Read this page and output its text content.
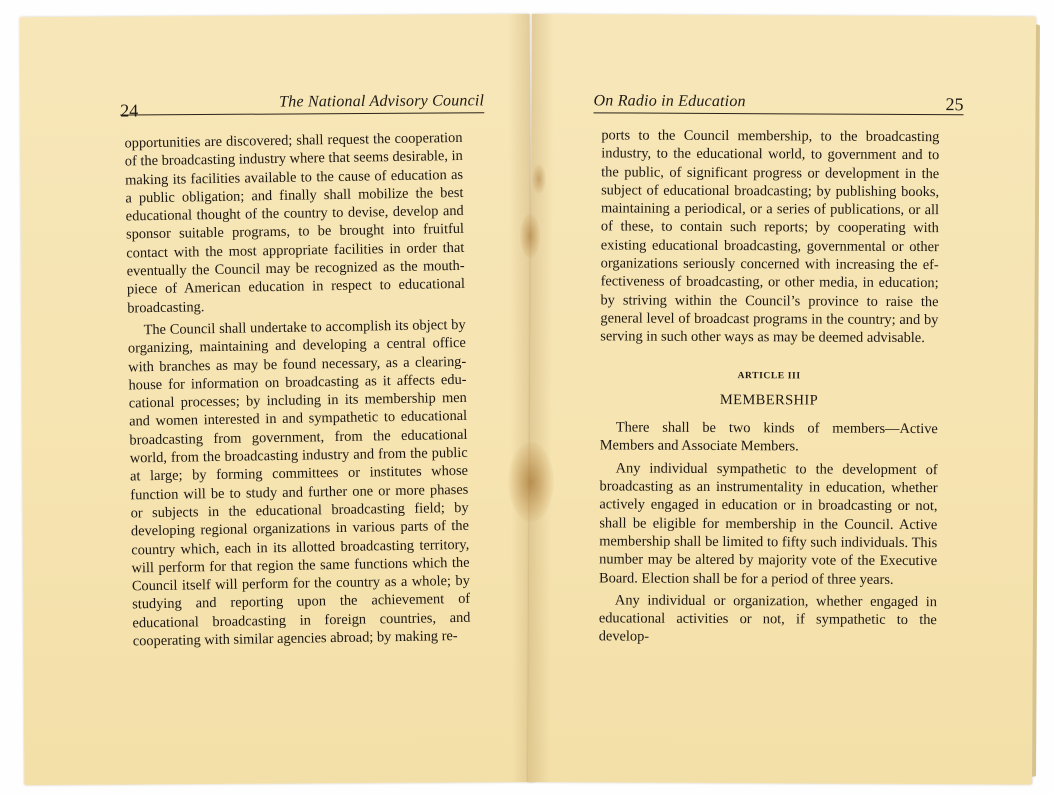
24	The National Advisory Council

opportunities are discovered; shall request the cooperation of the broadcasting industry where that seems desirable, in making its facilities available to the cause of education as a public obligation; and finally shall mobilize the best educational thought of the country to devise, develop and sponsor suitable programs, to be brought into fruitful contact with the most appropriate facilities in order that eventually the Council may be recognized as the mouthpiece of American education in respect to educational broadcasting.

The Council shall undertake to accomplish its object by organizing, maintaining and developing a central office with branches as may be found necessary, as a clearinghouse for information on broadcasting as it affects educational processes; by including in its membership men and women interested in and sympathetic to educational broadcasting from government, from the educational world, from the broadcasting industry and from the public at large; by forming committees or institutes whose function will be to study and further one or more phases or subjects in the educational broadcasting field; by developing regional organizations in various parts of the country which, each in its allotted broadcasting territory, will perform for that region the same functions which the Council itself will perform for the country as a whole; by studying and reporting upon the achievement of educational broadcasting in foreign countries, and cooperating with similar agencies abroad; by making re-

On Radio in Education	25

ports to the Council membership, to the broadcasting industry, to the educational world, to government and to the public, of significant progress or development in the subject of educational broadcasting; by publishing books, maintaining a periodical, or a series of publications, or all of these, to contain such reports; by cooperating with existing educational broadcasting, governmental or other organizations seriously concerned with increasing the effectiveness of broadcasting, or other media, in education; by striving within the Council’s province to raise the general level of broadcast programs in the country; and by serving in such other ways as may be deemed advisable.

ARTICLE III
MEMBERSHIP

There shall be two kinds of members—Active Members and Associate Members.

Any individual sympathetic to the development of broadcasting as an instrumentality in education, whether actively engaged in education or in broadcasting or not, shall be eligible for membership in the Council. Active membership shall be limited to fifty such individuals. This number may be altered by majority vote of the Executive Board. Election shall be for a period of three years.

Any individual or organization, whether engaged in educational activities or not, if sympathetic to the develop-
